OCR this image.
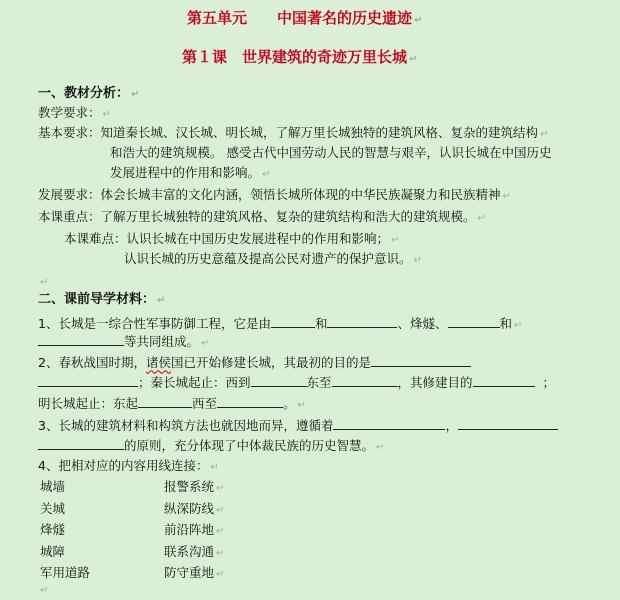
第五单元　　中国著名的历史遗迹 ↵
第１课　世界建筑的奇迹万里长城 ↵
一、教材分析： ↵
教学要求： ↵
基本要求：知道秦长城、汉长城、明长城，了解万里长城独特的建筑风格、复杂的建筑结构 ↵
和浩大的建筑规模。 感受古代中国劳动人民的智慧与艰辛，认识长城在中国历史
发展进程中的作用和影响。 ↵
发展要求：体会长城丰富的文化内涵，领悟长城所体现的中华民族凝聚力和民族精神 ↵
本课重点：了解万里长城独特的建筑风格、复杂的建筑结构和浩大的建筑规模。 ↵
本课难点：认识长城在中国历史发展进程中的作用和影响； ↵
认识长城的历史意蕴及提高公民对遗产的保护意识。 ↵
↵
二、课前导学材料： ↵
1、长城是一综合性军事防御工程，它是由	和	、烽燧、	和 ↵
等共同组成。 ↵
2、春秋战国时期，诸侯国已开始修建长城，其最初的目的是
；秦长城起止：西到	东至	，其修建目的	；
明长城起止：东起	西至	。 ↵
3、长城的建筑材料和构筑方法也就因地而异，遵循着	，
的原则，充分体现了中体裁民族的历史智慧。 ↵
4、把相对应的内容用线连接： ↵
城墙	报警系统 ↵
关城	纵深防线 ↵
烽燧	前沿阵地 ↵
城障	联系沟通 ↵
军用道路	防守重地 ↵
↵
